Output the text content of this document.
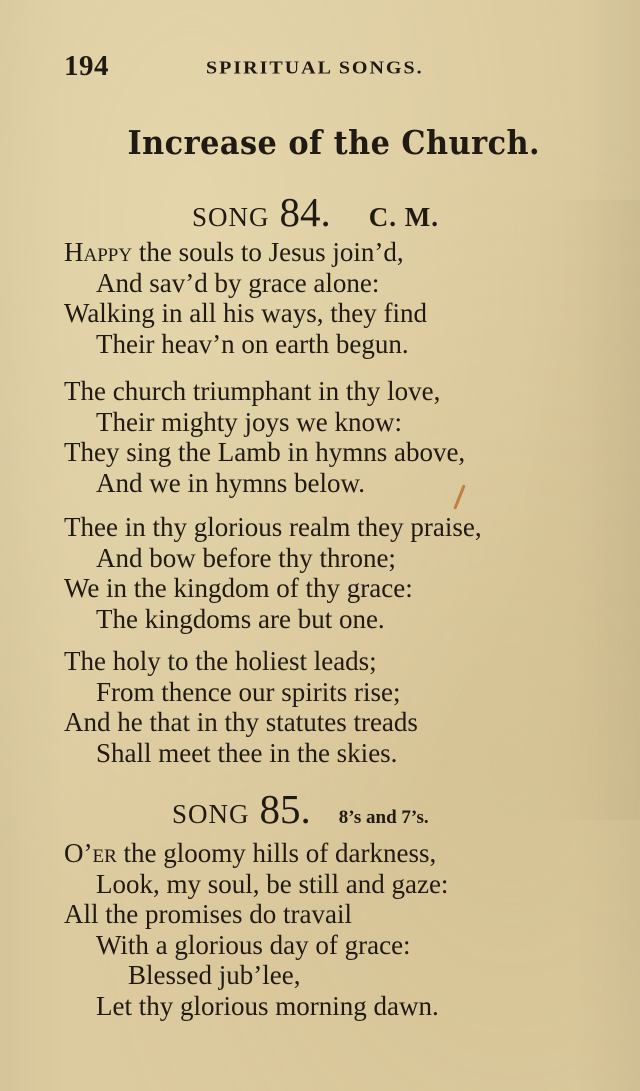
194	SPIRITUAL SONGS.
Increase of the Church.
SONG 84. C. M.
Happy the souls to Jesus join’d,
And sav’d by grace alone:
Walking in all his ways, they find
Their heav’n on earth begun.
The church triumphant in thy love,
Their mighty joys we know:
They sing the Lamb in hymns above,
And we in hymns below.
Thee in thy glorious realm they praise,
And bow before thy throne;
We in the kingdom of thy grace:
The kingdoms are but one.
The holy to the holiest leads;
From thence our spirits rise;
And he that in thy statutes treads
Shall meet thee in the skies.
SONG 85. 8’s and 7’s.
O’er the gloomy hills of darkness,
Look, my soul, be still and gaze:
All the promises do travail
With a glorious day of grace:
Blessed jub’lee,
Let thy glorious morning dawn.
